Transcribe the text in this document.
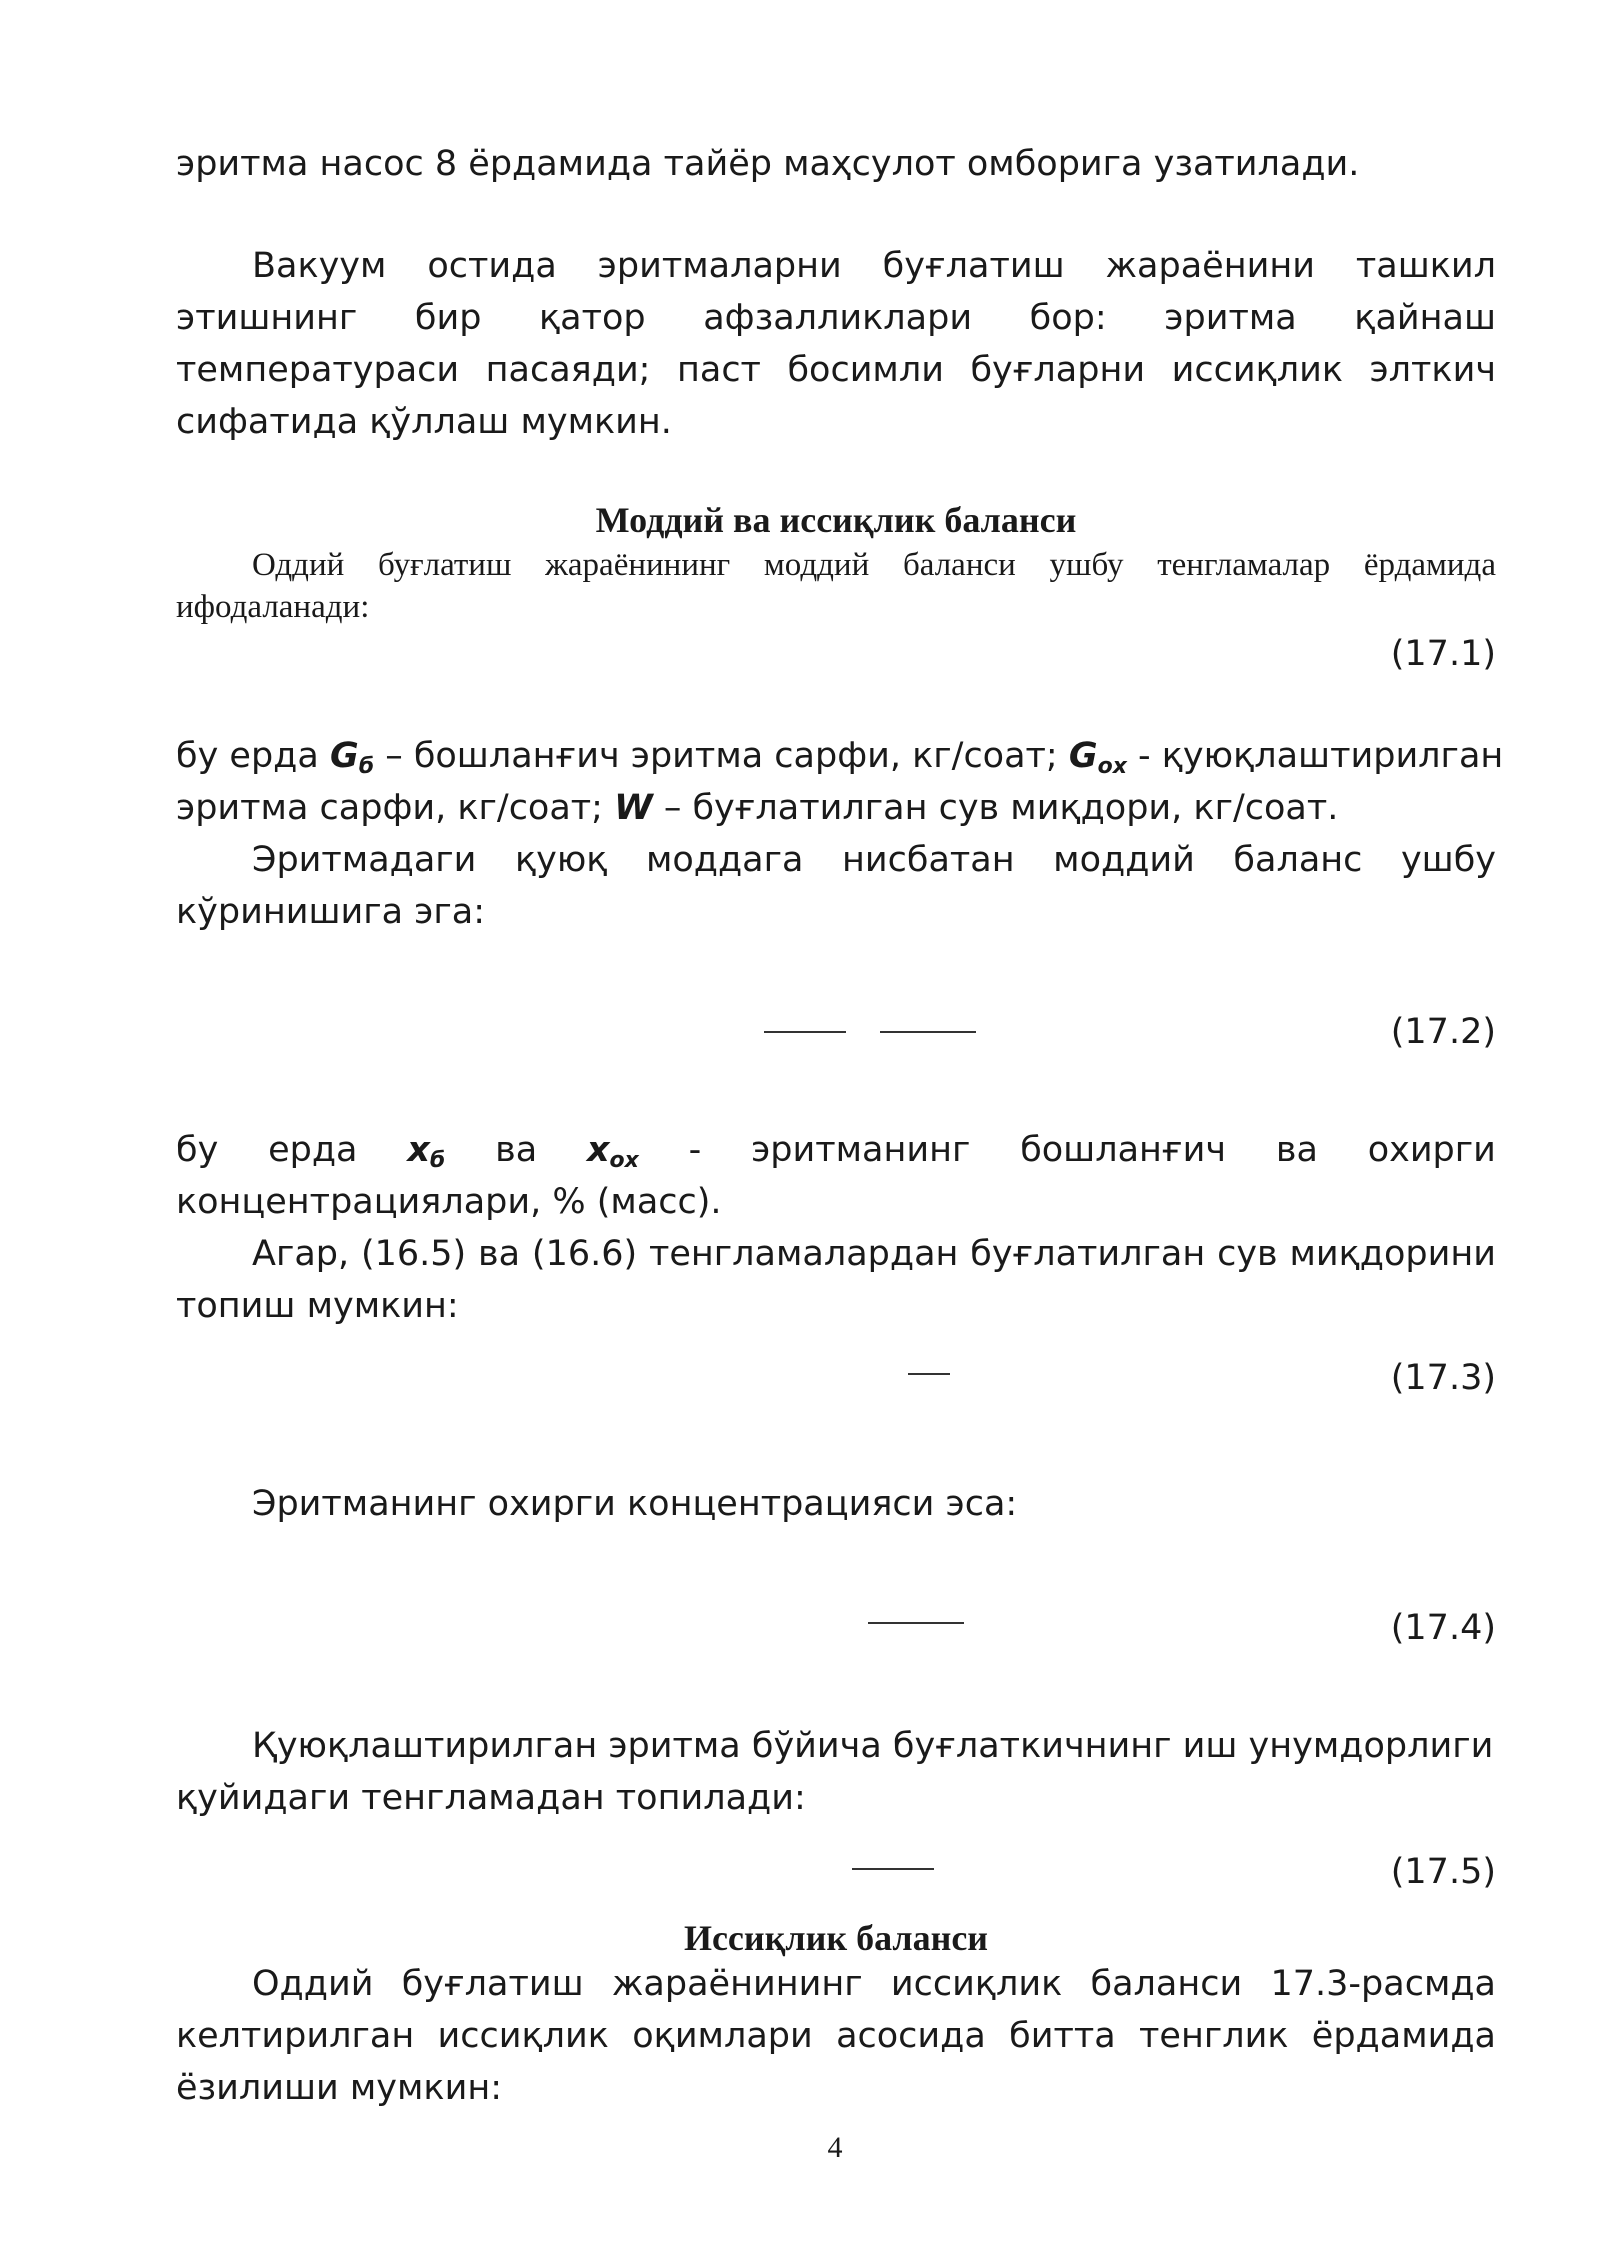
эритма насос 8 ёрдамида тайёр маҳсулот омборига узатилади.
Вакуум остида эритмаларни буғлатиш жараёнини ташкил
этишнинг бир қатор афзалликлари бор: эритма қайнаш
температураси пасаяди; паст босимли буғларни иссиқлик элткич
сифатида қўллаш мумкин.
Моддий ва иссиқлик баланси
Оддий буғлатиш жараёнининг моддий баланси ушбу тенгламалар ёрдамида
ифодаланади:
(17.1)
бу ерда $G_б$ – бошланғич эритма сарфи, кг/соат; $G_{ох}$ - қуюқлаштирилган
эритма сарфи, кг/соат; W – буғлатилган сув миқдори, кг/соат.
Эритмадаги қуюқ моддага нисбатан моддий баланс ушбу
кўринишига эга:
(17.2)
бу ерда $x_б$ ва $x_{ох}$ - эритманинг бошланғич ва охирги
концентрациялари, % (масс).
Агар, (16.5) ва (16.6) тенгламалардан буғлатилган сув миқдорини
топиш мумкин:
(17.3)
Эритманинг охирги концентрацияси эса:
(17.4)
Қуюқлаштирилган эритма бўйича буғлаткичнинг иш унумдорлиги
қуйидаги тенгламадан топилади:
(17.5)
Иссиқлик баланси
Оддий буғлатиш жараёнининг иссиқлик баланси 17.3-расмда
келтирилган иссиқлик оқимлари асосида битта тенглик ёрдамида
ёзилиши мумкин:
4
